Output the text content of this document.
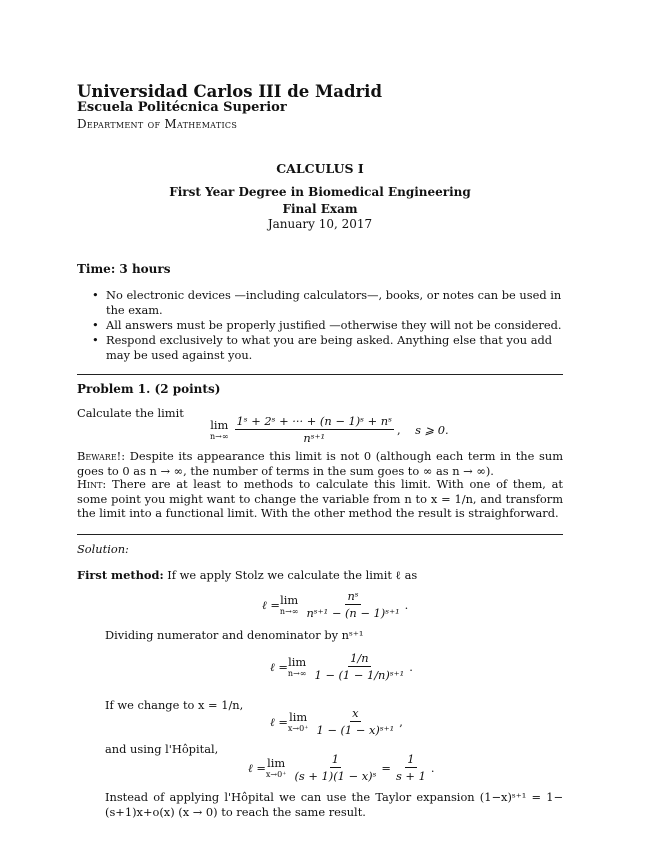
Universidad Carlos III de Madrid
Escuela Politécnica Superior
Department of Mathematics
CALCULUS I
First Year Degree in Biomedical Engineering
Final Exam
January 10, 2017
Time: 3 hours
• No electronic devices —including calculators—, books, or notes can be used in the exam.
• All answers must be properly justified —otherwise they will not be considered.
• Respond exclusively to what you are being asked. Anything else that you add may be used against you.
Problem 1. (2 points)
Calculate the limit
lim
$n\to\infty \frac{\text{1ˢ + 2ˢ + ··· + (n − 1)ˢ + nˢ}}{\text{nˢ⁺¹}}$ , s ⩾ 0.
Beware!: Despite its appearance this limit is not 0 (although each term in the sum goes to 0 as n → ∞, the number of terms in the sum goes to ∞ as n → ∞).
Hint: There are at least to methods to calculate this limit. With one of them, at some point you might want to change the variable from n to x = 1/n, and transform the limit into a functional limit. With the other method the result is straighforward.
Solution:
First method: If we apply Stolz we calculate the limit ℓ as
ℓ = lim
$n\to\infty \frac{\text{nˢ}}{\text{nˢ⁺¹ − (n − 1)ˢ⁺¹}}$ .
Dividing numerator and denominator by nˢ⁺¹
ℓ = lim
$n\to\infty \frac{1/n}{\text{1 − (1 − 1/n)ˢ⁺¹}}$ .
If we change to x = 1/n,
ℓ = lim
$x\to 0^+ \frac{x}{\text{1 − (1 − x)ˢ⁺¹}}$ ,
and using l'Hôpital,
ℓ = lim
$x\to 0^+ \frac{1}{\text{(s + 1)(1 − x)ˢ}} = \frac{1}{s + 1}$ .
Instead of applying l'Hôpital we can use the Taylor expansion (1−x)ˢ⁺¹ = 1−(s+1)x+o(x) (x → 0) to reach the same result.
